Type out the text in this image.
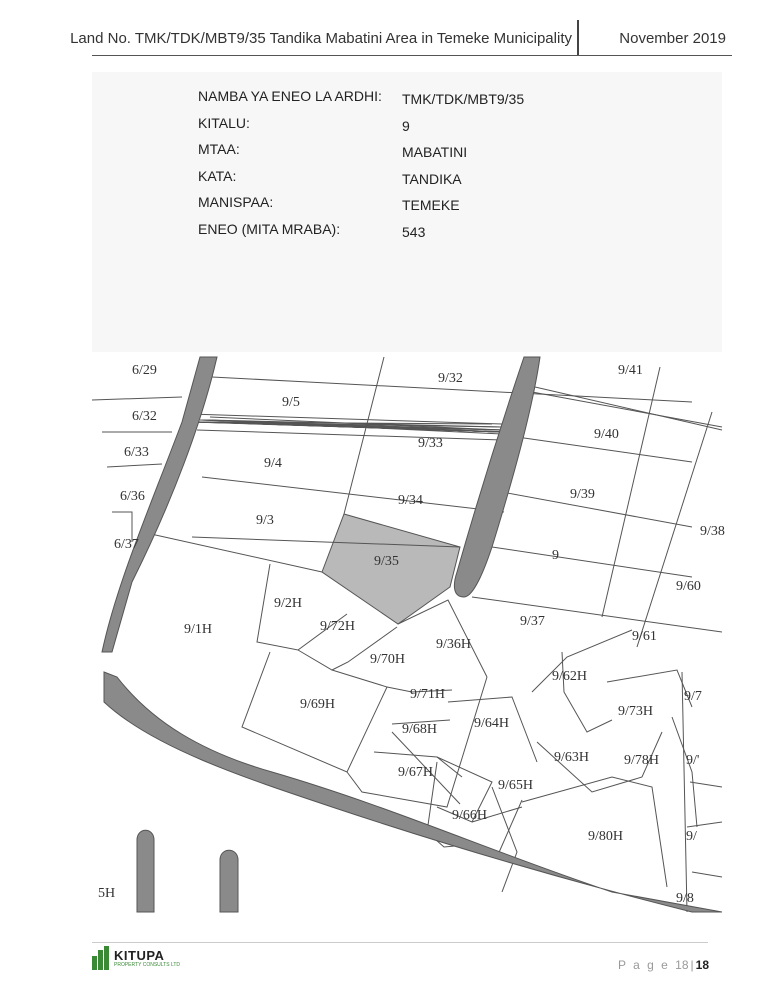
Land No. TMK/TDK/MBT9/35 Tandika Mabatini Area in Temeke Municipality	November 2019
NAMBA YA ENEO LA ARDHI: TMK/TDK/MBT9/35
KITALU:	9
MTAA:	MABATINI
KATA:	TANDIKA
MANISPAA:	TEMEKE
ENEO (MITA MRABA):	543
6/29
6/32
6/33
6/36
6/37
9/32
9/41
9/5
9/33
9/40
9/4
9/34	9/39
9/3
9/35
9/38
9
9/60
9/2H
9/1H	9/72H	9/37
9/61
9/36H
9/70H
9/62H
9/69H
9/71H	9/7
9/73H
9/68H	9/64H
9/63H	9/78H 9/'
9/67H
9/65H
9/66H
9/80H	9/
9/8
5H
KITUPA
PROPERTY CONSULTS LTD	P a g e 18 | 18
